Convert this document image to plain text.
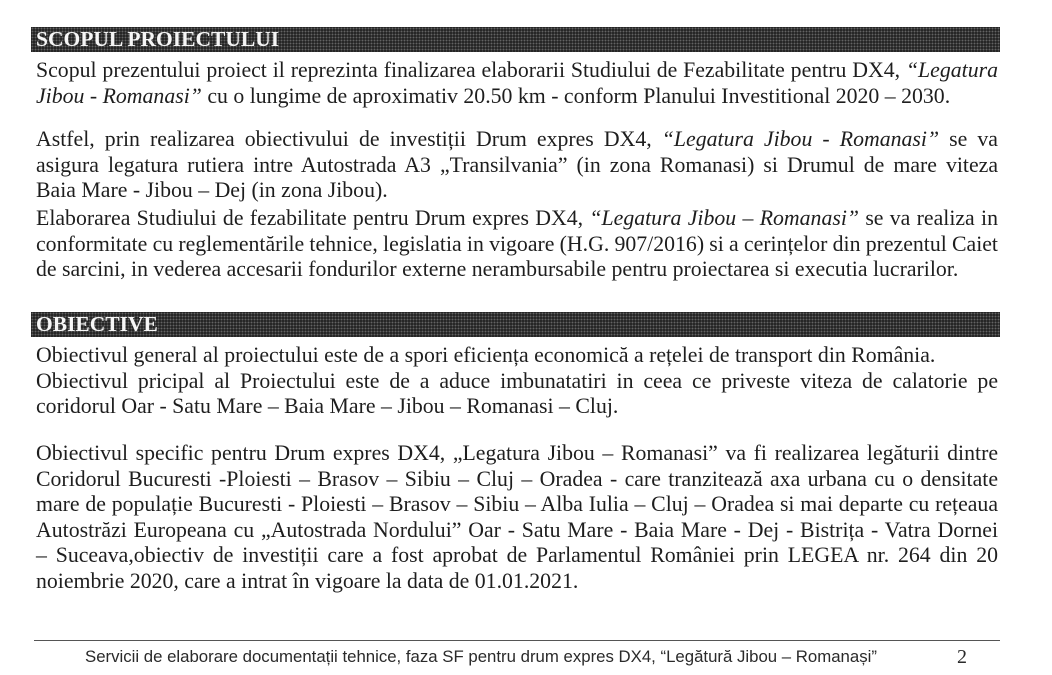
SCOPUL PROIECTULUI
Scopul prezentului proiect il reprezinta finalizarea elaborarii Studiului de Fezabilitate pentru DX4, “Legatura
Jibou - Romanasi” cu o lungime de aproximativ 20.50 km - conform Planului Investitional 2020 – 2030.
Astfel, prin realizarea obiectivului de investiții Drum expres DX4, “Legatura Jibou - Romanasi” se va
asigura legatura rutiera intre Autostrada A3 „Transilvania” (in zona Romanasi) si Drumul de mare viteza
Baia Mare - Jibou – Dej (in zona Jibou).
Elaborarea Studiului de fezabilitate pentru Drum expres DX4, “Legatura Jibou – Romanasi” se va realiza in
conformitate cu reglementările tehnice, legislatia in vigoare (H.G. 907/2016) si a cerințelor din prezentul Caiet
de sarcini, in vederea accesarii fondurilor externe nerambursabile pentru proiectarea si executia lucrarilor.
OBIECTIVE
Obiectivul general al proiectului este de a spori eficiența economică a rețelei de transport din România.
Obiectivul pricipal al Proiectului este de a aduce imbunatatiri in ceea ce priveste viteza de calatorie pe
coridorul Oar - Satu Mare – Baia Mare – Jibou – Romanasi – Cluj.
Obiectivul specific pentru Drum expres DX4, „Legatura Jibou – Romanasi” va fi realizarea legăturii dintre
Coridorul Bucuresti -Ploiesti – Brasov – Sibiu – Cluj – Oradea - care tranzitează axa urbana cu o densitate
mare de populație Bucuresti - Ploiesti – Brasov – Sibiu – Alba Iulia – Cluj – Oradea si mai departe cu rețeaua
Autostrăzi Europeana cu „Autostrada Nordului” Oar - Satu Mare - Baia Mare - Dej - Bistrița - Vatra Dornei
– Suceava,obiectiv de investiții care a fost aprobat de Parlamentul României prin LEGEA nr. 264 din 20
noiembrie 2020, care a intrat în vigoare la data de 01.01.2021.
Servicii de elaborare documentații tehnice, faza SF pentru drum expres DX4, “Legătură Jibou – Romanași”	2
